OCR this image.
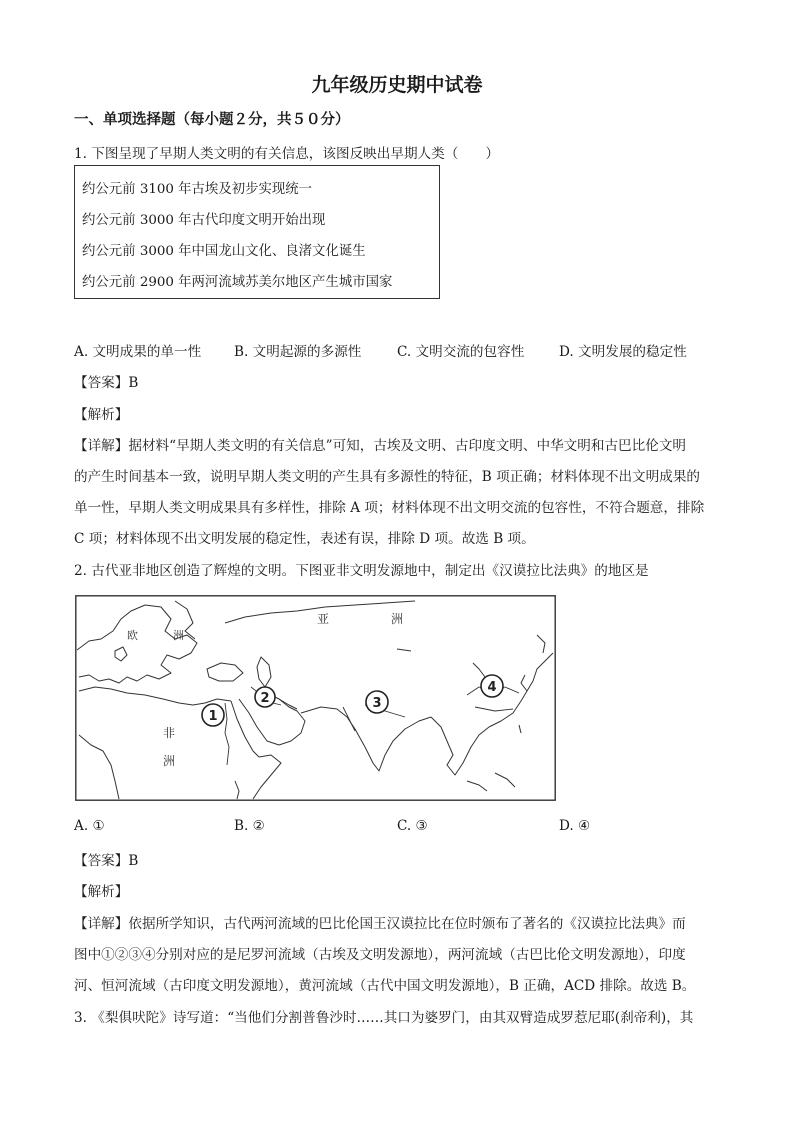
九年级历史期中试卷
一、单项选择题（每小题２分，共５０分）
1. 下图呈现了早期人类文明的有关信息，该图反映出早期人类（　　）
约公元前 3100 年古埃及初步实现统一
约公元前 3000 年古代印度文明开始出现
约公元前 3000 年中国龙山文化、良渚文化诞生
约公元前 2900 年两河流域苏美尔地区产生城市国家
A. 文明成果的单一性 B. 文明起源的多源性	C. 文明交流的包容性	D. 文明发展的稳定性
【答案】B
【解析】
【详解】据材料“早期人类文明的有关信息”可知，古埃及文明、古印度文明、中华文明和古巴比伦文明
的产生时间基本一致，说明早期人类文明的产生具有多源性的特征，B 项正确；材料体现不出文明成果的
单一性，早期人类文明成果具有多样性，排除 A 项；材料体现不出文明交流的包容性，不符合题意，排除
C 项；材料体现不出文明发展的稳定性，表述有误，排除 D 项。故选 B 项。
2. 古代亚非地区创造了辉煌的文明。下图亚非文明发源地中，制定出《汉谟拉比法典》的地区是
亚	洲
欧	洲
非
洲
1
2	3
4
A. ①	B. ②	C. ③	D. ④
【答案】B
【解析】
【详解】依据所学知识，古代两河流域的巴比伦国王汉谟拉比在位时颁布了著名的《汉谟拉比法典》而
图中①②③④分别对应的是尼罗河流域（古埃及文明发源地），两河流域（古巴比伦文明发源地），印度
河、恒河流域（古印度文明发源地），黄河流域（古代中国文明发源地），B 正确，ACD 排除。故选 B。
3. 《梨俱吠陀》诗写道：“当他们分割普鲁沙时……其口为婆罗门，由其双臂造成罗惹尼耶(刹帝利)，其
